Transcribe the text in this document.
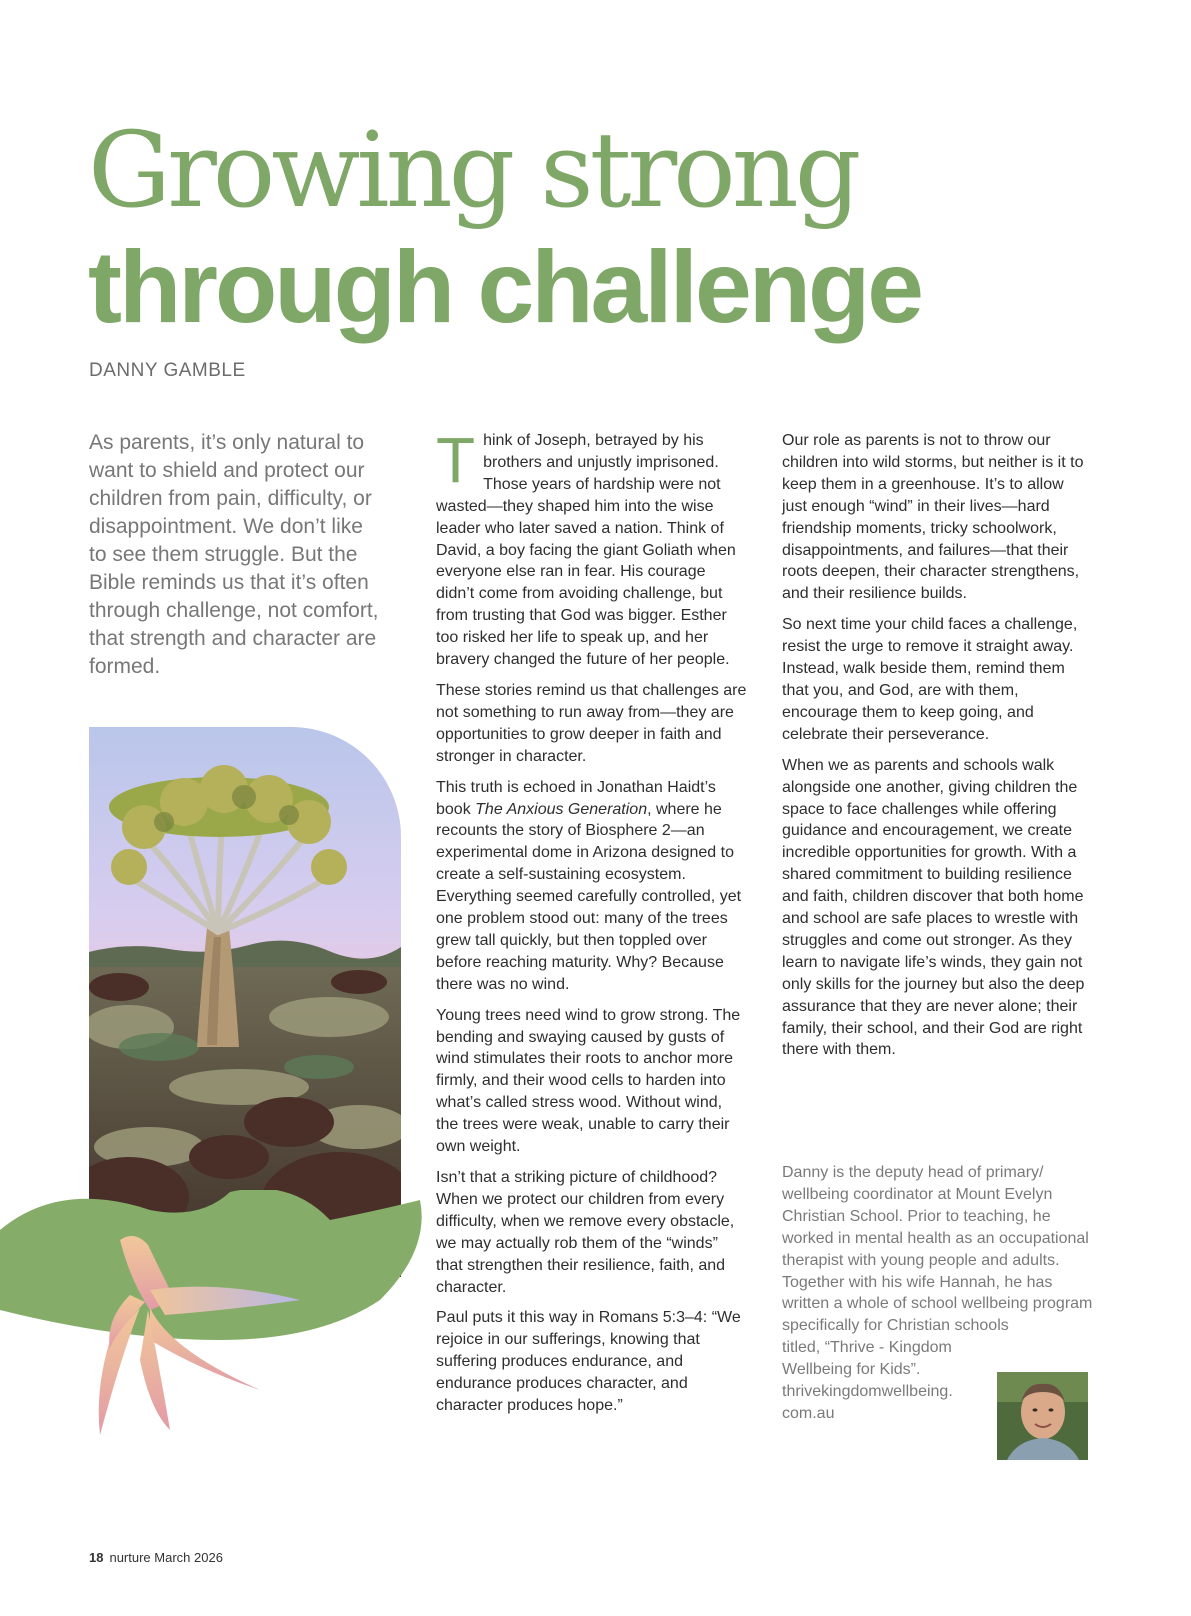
Growing strong
through challenge
DANNY GAMBLE
As parents, it’s only natural to want to shield and protect our children from pain, difficulty, or disappointment. We don’t like to see them struggle. But the Bible reminds us that it’s often through challenge, not comfort, that strength and character are formed.

Think of Joseph, betrayed by his brothers and unjustly imprisoned. Those years of hardship were not wasted—they shaped him into the wise leader who later saved a nation. Think of David, a boy facing the giant Goliath when everyone else ran in fear. His courage didn’t come from avoiding challenge, but from trusting that God was bigger. Esther too risked her life to speak up, and her bravery changed the future of her people.

These stories remind us that challenges are not something to run away from—they are opportunities to grow deeper in faith and stronger in character.

This truth is echoed in Jonathan Haidt’s book The Anxious Generation, where he recounts the story of Biosphere 2—an experimental dome in Arizona designed to create a self-sustaining ecosystem. Everything seemed carefully controlled, yet one problem stood out: many of the trees grew tall quickly, but then toppled over before reaching maturity. Why? Because there was no wind.

Young trees need wind to grow strong. The bending and swaying caused by gusts of wind stimulates their roots to anchor more firmly, and their wood cells to harden into what’s called stress wood. Without wind, the trees were weak, unable to carry their own weight.

Isn’t that a striking picture of childhood? When we protect our children from every difficulty, when we remove every obstacle, we may actually rob them of the “winds” that strengthen their resilience, faith, and character.

Paul puts it this way in Romans 5:3–4: “We rejoice in our sufferings, knowing that suffering produces endurance, and endurance produces character, and character produces hope.”

Our role as parents is not to throw our children into wild storms, but neither is it to keep them in a greenhouse. It’s to allow just enough “wind” in their lives—hard friendship moments, tricky schoolwork, disappointments, and failures—that their roots deepen, their character strengthens, and their resilience builds.

So next time your child faces a challenge, resist the urge to remove it straight away. Instead, walk beside them, remind them that you, and God, are with them, encourage them to keep going, and celebrate their perseverance.

When we as parents and schools walk alongside one another, giving children the space to face challenges while offering guidance and encouragement, we create incredible opportunities for growth. With a shared commitment to building resilience and faith, children discover that both home and school are safe places to wrestle with struggles and come out stronger. As they learn to navigate life’s winds, they gain not only skills for the journey but also the deep assurance that they are never alone; their family, their school, and their God are right there with them.

Danny is the deputy head of primary/ wellbeing coordinator at Mount Evelyn Christian School. Prior to teaching, he worked in mental health as an occupational therapist with young people and adults. Together with his wife Hannah, he has written a whole of school wellbeing program specifically for Christian schools
titled, “Thrive - Kingdom Wellbeing for Kids”. thrivekingdomwellbeing. com.au
18 nurture March 2026
